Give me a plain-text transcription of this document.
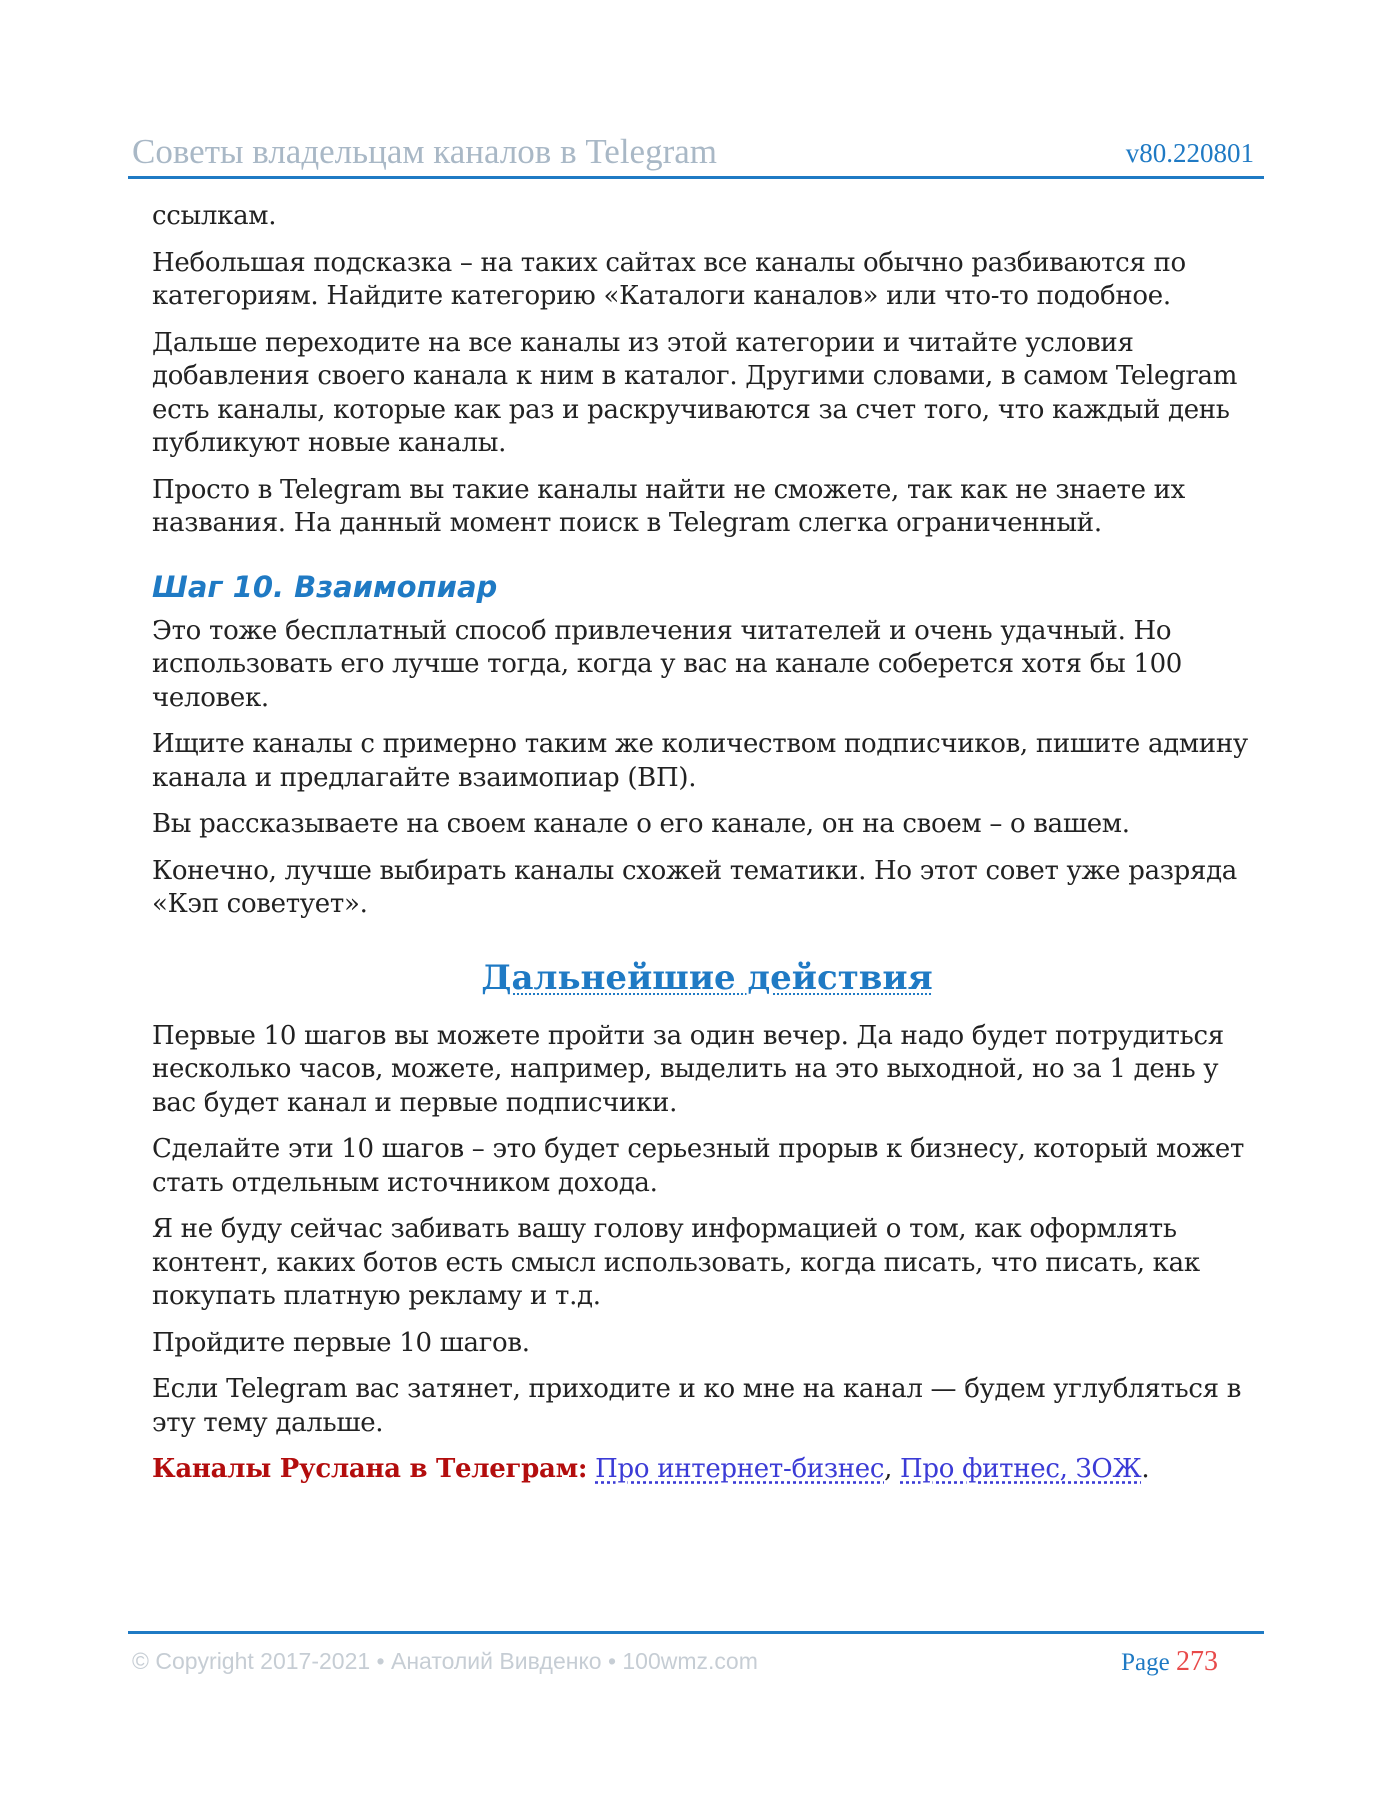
Советы владельцам каналов в Telegram	v80.220801

ссылкам.

Небольшая подсказка – на таких сайтах все каналы обычно разбиваются по категориям. Найдите категорию «Каталоги каналов» или что-то подобное.

Дальше переходите на все каналы из этой категории и читайте условия добавления своего канала к ним в каталог. Другими словами, в самом Telegram есть каналы, которые как раз и раскручиваются за счет того, что каждый день публикуют новые каналы.

Просто в Telegram вы такие каналы найти не сможете, так как не знаете их названия. На данный момент поиск в Telegram слегка ограниченный.

Шаг 10. Взаимопиар

Это тоже бесплатный способ привлечения читателей и очень удачный. Но использовать его лучше тогда, когда у вас на канале соберется хотя бы 100 человек.

Ищите каналы с примерно таким же количеством подписчиков, пишите админу канала и предлагайте взаимопиар (ВП).

Вы рассказываете на своем канале о его канале, он на своем – о вашем.

Конечно, лучше выбирать каналы схожей тематики. Но этот совет уже разряда «Кэп советует».

Дальнейшие действия

Первые 10 шагов вы можете пройти за один вечер. Да надо будет потрудиться несколько часов, можете, например, выделить на это выходной, но за 1 день у вас будет канал и первые подписчики.

Сделайте эти 10 шагов – это будет серьезный прорыв к бизнесу, который может стать отдельным источником дохода.

Я не буду сейчас забивать вашу голову информацией о том, как оформлять контент, каких ботов есть смысл использовать, когда писать, что писать, как покупать платную рекламу и т.д.

Пройдите первые 10 шагов.

Если Telegram вас затянет, приходите и ко мне на канал — будем углубляться в эту тему дальше.

Каналы Руслана в Телеграм: Про интернет-бизнес, Про фитнес, ЗОЖ.

© Copyright 2017-2021 • Анатолий Вивденко • 100wmz.com	Page 273
